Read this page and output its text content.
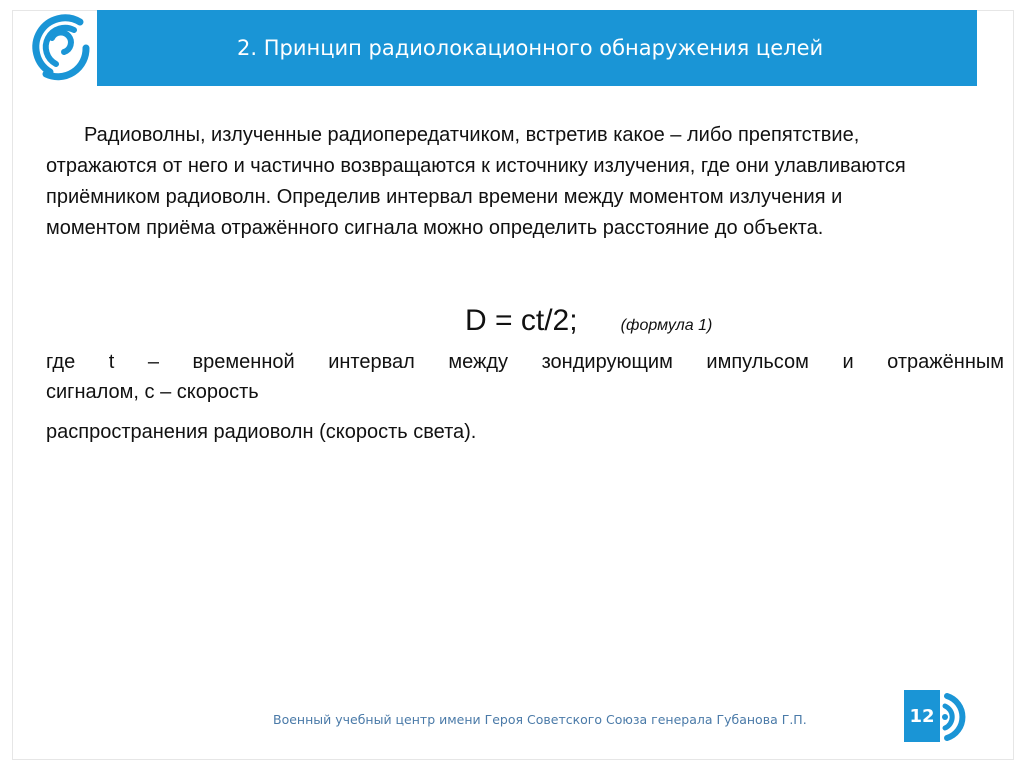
2. Принцип радиолокационного обнаружения целей
Радиоволны, излученные радиопередатчиком, встретив какое – либо препятствие, отражаются от него и частично возвращаются к источнику излучения, где они улавливаются приёмником радиоволн. Определив интервал времени между моментом излучения и моментом приёма отражённого сигнала можно определить расстояние до объекта.
D = ct/2;	(формула 1)
где t – временной интервал между зондирующим импульсом и отражённым
сигналом, с – скорость
распространения радиоволн (скорость света).
Военный учебный центр имени Героя Советского Союза генерала Губанова Г.П.	12
